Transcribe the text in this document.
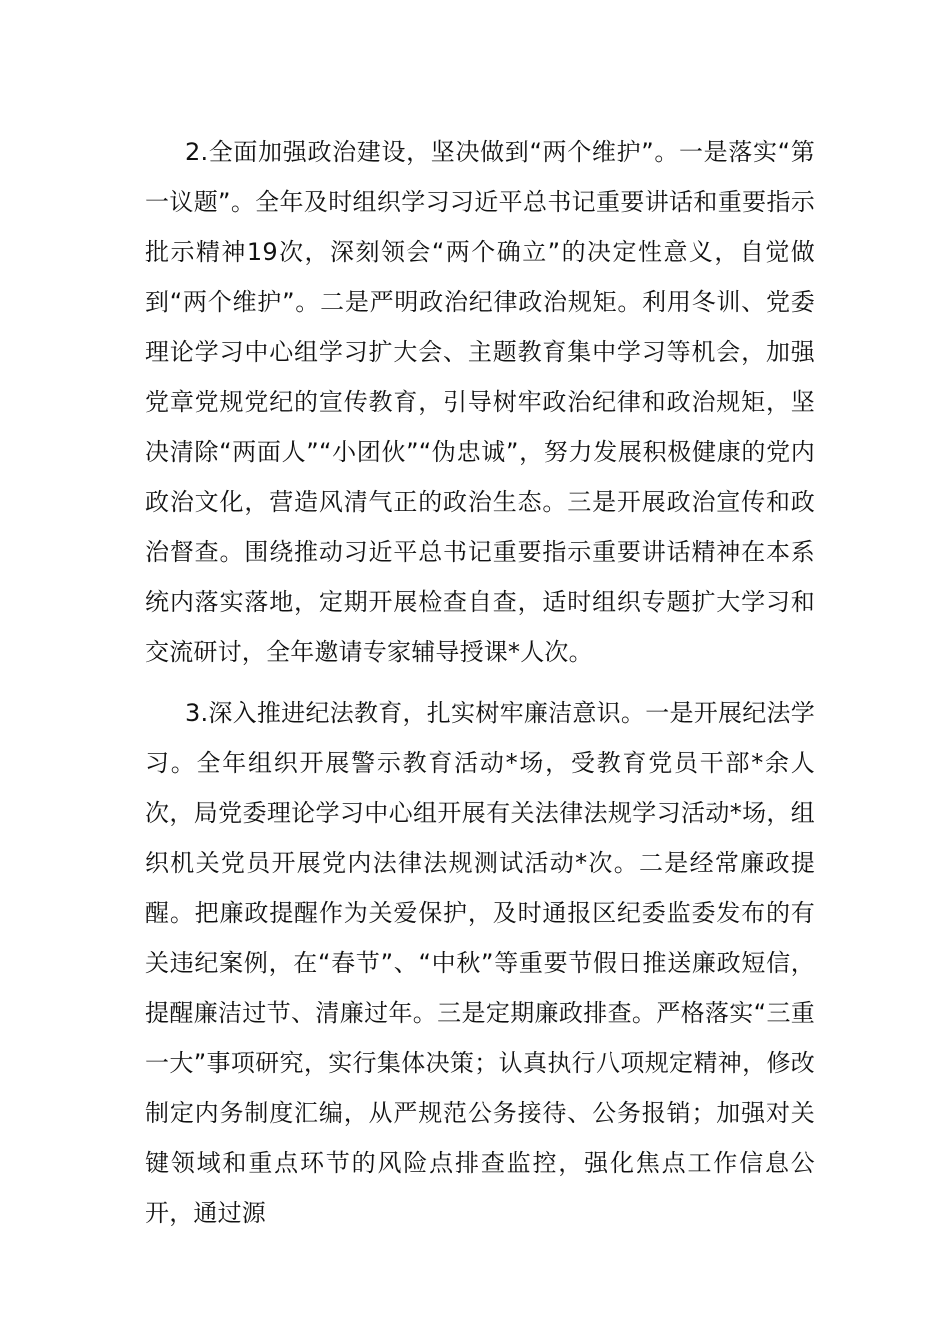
2.全面加强政治建设，坚决做到“两个维护”。一是落实“第一议题”。全年及时组织学习习近平总书记重要讲话和重要指示批示精神19次，深刻领会“两个确立”的决定性意义，自觉做到“两个维护”。二是严明政治纪律政治规矩。利用冬训、党委理论学习中心组学习扩大会、主题教育集中学习等机会，加强党章党规党纪的宣传教育，引导树牢政治纪律和政治规矩，坚决清除“两面人”“小团伙”“伪忠诚”，努力发展积极健康的党内政治文化，营造风清气正的政治生态。三是开展政治宣传和政治督查。围绕推动习近平总书记重要指示重要讲话精神在本系统内落实落地，定期开展检查自查，适时组织专题扩大学习和交流研讨，全年邀请专家辅导授课*人次。

3.深入推进纪法教育，扎实树牢廉洁意识。一是开展纪法学习。全年组织开展警示教育活动*场，受教育党员干部*余人次，局党委理论学习中心组开展有关法律法规学习活动*场，组织机关党员开展党内法律法规测试活动*次。二是经常廉政提醒。把廉政提醒作为关爱保护，及时通报区纪委监委发布的有关违纪案例，在“春节”、“中秋”等重要节假日推送廉政短信，提醒廉洁过节、清廉过年。三是定期廉政排查。严格落实“三重一大”事项研究，实行集体决策；认真执行八项规定精神，修改制定内务制度汇编，从严规范公务接待、公务报销；加强对关键领域和重点环节的风险点排查监控，强化焦点工作信息公开，通过源
